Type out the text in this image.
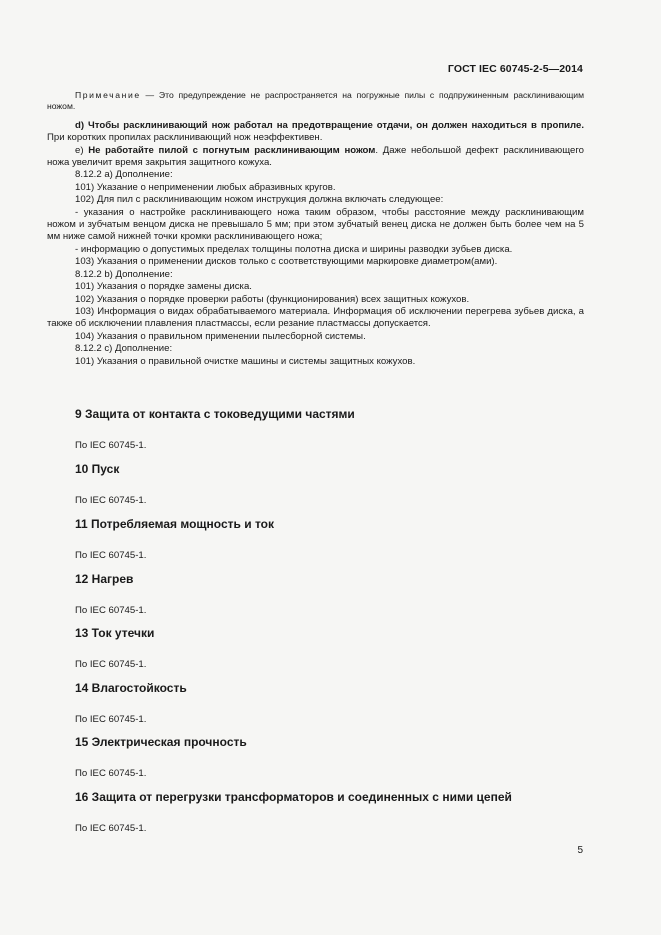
ГОСТ IEC 60745-2-5—2014

Примечание — Это предупреждение не распространяется на погружные пилы с подпружиненным расклинивающим ножом.

d) Чтобы расклинивающий нож работал на предотвращение отдачи, он должен находиться в пропиле. При коротких пропилах расклинивающий нож неэффективен.

e) Не работайте пилой с погнутым расклинивающим ножом. Даже небольшой дефект расклинивающего ножа увеличит время закрытия защитного кожуха.

8.12.2 a) Дополнение:

101) Указание о неприменении любых абразивных кругов.

102) Для пил с расклинивающим ножом инструкция должна включать следующее:

- указания о настройке расклинивающего ножа таким образом, чтобы расстояние между расклинивающим ножом и зубчатым венцом диска не превышало 5 мм; при этом зубчатый венец диска не должен быть более чем на 5 мм ниже самой нижней точки кромки расклинивающего ножа;

- информацию о допустимых пределах толщины полотна диска и ширины разводки зубьев диска.

103) Указания о применении дисков только с соответствующими маркировке диаметром(ами).

8.12.2 b) Дополнение:

101) Указания о порядке замены диска.

102) Указания о порядке проверки работы (функционирования) всех защитных кожухов.

103) Информация о видах обрабатываемого материала. Информация об исключении перегрева зубьев диска, а также об исключении плавления пластмассы, если резание пластмассы допускается.

104) Указания о правильном применении пылесборной системы.

8.12.2 c) Дополнение:

101) Указания о правильной очистке машины и системы защитных кожухов.

9 Защита от контакта с токоведущими частями
По IEC 60745-1.
10 Пуск
По IEC 60745-1.
11 Потребляемая мощность и ток
По IEC 60745-1.
12 Нагрев
По IEC 60745-1.
13 Ток утечки
По IEC 60745-1.
14 Влагостойкость
По IEC 60745-1.
15 Электрическая прочность
По IEC 60745-1.
16 Защита от перегрузки трансформаторов и соединенных с ними цепей
По IEC 60745-1.
5
